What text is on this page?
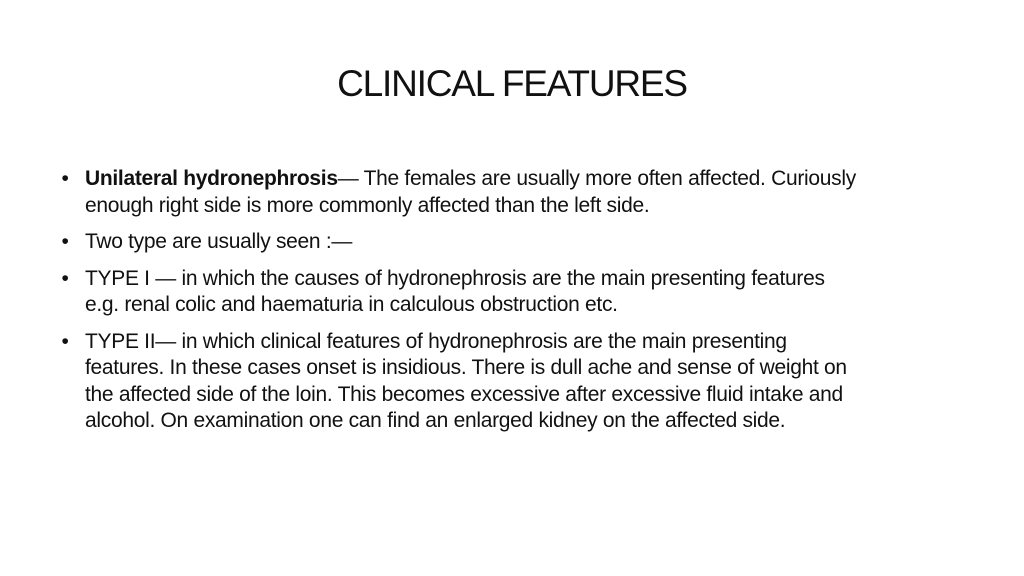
CLINICAL FEATURES
• Unilateral hydronephrosis— The females are usually more often affected. Curiously enough right side is more commonly affected than the left side.
• Two type are usually seen :—
• TYPE I — in which the causes of hydronephrosis are the main presenting features e.g. renal colic and haematuria in calculous obstruction etc.
• TYPE II— in which clinical features of hydronephrosis are the main presenting features. In these cases onset is insidious. There is dull ache and sense of weight on the affected side of the loin. This becomes excessive after excessive fluid intake and alcohol. On examination one can find an enlarged kidney on the affected side.
